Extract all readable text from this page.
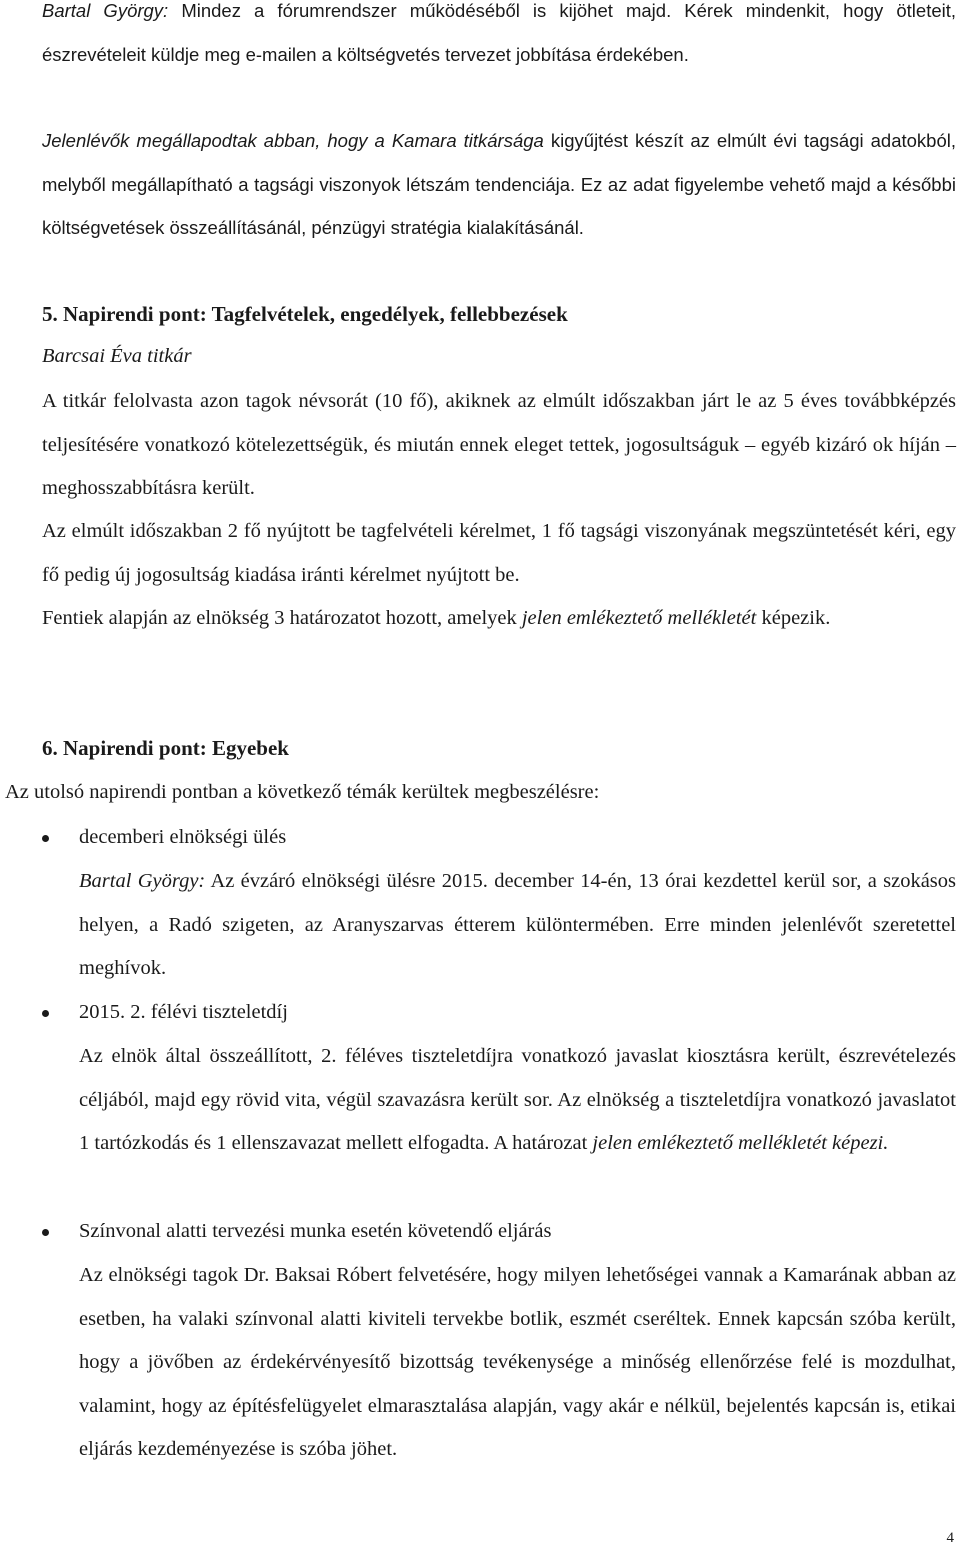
Bartal György: Mindez a fórumrendszer működéséből is kijöhet majd. Kérek mindenkit, hogy ötleteit, észrevételeit küldje meg e-mailen a költségvetés tervezet jobbítása érdekében.

Jelenlévők megállapodtak abban, hogy a Kamara titkársága kigyűjtést készít az elmúlt évi tagsági adatokból, melyből megállapítható a tagsági viszonyok létszám tendenciája. Ez az adat figyelembe vehető majd a későbbi költségvetések összeállításánál, pénzügyi stratégia kialakításánál.

5. Napirendi pont: Tagfelvételek, engedélyek, fellebbezések

Barcsai Éva titkár

A titkár felolvasta azon tagok névsorát (10 fő), akiknek az elmúlt időszakban járt le az 5 éves továbbképzés teljesítésére vonatkozó kötelezettségük, és miután ennek eleget tettek, jogosultságuk – egyéb kizáró ok híján – meghosszabbításra került.

Az elmúlt időszakban 2 fő nyújtott be tagfelvételi kérelmet, 1 fő tagsági viszonyának megszüntetését kéri, egy fő pedig új jogosultság kiadása iránti kérelmet nyújtott be.

Fentiek alapján az elnökség 3 határozatot hozott, amelyek jelen emlékeztető mellékletét képezik.

6. Napirendi pont: Egyebek

Az utolsó napirendi pontban a következő témák kerültek megbeszélésre:

decemberi elnökségi ülés

Bartal György: Az évzáró elnökségi ülésre 2015. december 14-én, 13 órai kezdettel kerül sor, a szokásos helyen, a Radó szigeten, az Aranyszarvas étterem különtermében. Erre minden jelenlévőt szeretettel meghívok.

2015. 2. félévi tiszteletdíj

Az elnök által összeállított, 2. féléves tiszteletdíjra vonatkozó javaslat kiosztásra került, észrevételezés céljából, majd egy rövid vita, végül szavazásra került sor. Az elnökség a tiszteletdíjra vonatkozó javaslatot 1 tartózkodás és 1 ellenszavazat mellett elfogadta. A határozat jelen emlékeztető mellékletét képezi.

Színvonal alatti tervezési munka esetén követendő eljárás

Az elnökségi tagok Dr. Baksai Róbert felvetésére, hogy milyen lehetőségei vannak a Kamarának abban az esetben, ha valaki színvonal alatti kiviteli tervekbe botlik, eszmét cseréltek. Ennek kapcsán szóba került, hogy a jövőben az érdekérvényesítő bizottság tevékenysége a minőség ellenőrzése felé is mozdulhat, valamint, hogy az építésfelügyelet elmarasztalása alapján, vagy akár e nélkül, bejelentés kapcsán is, etikai eljárás kezdeményezése is szóba jöhet.

4
